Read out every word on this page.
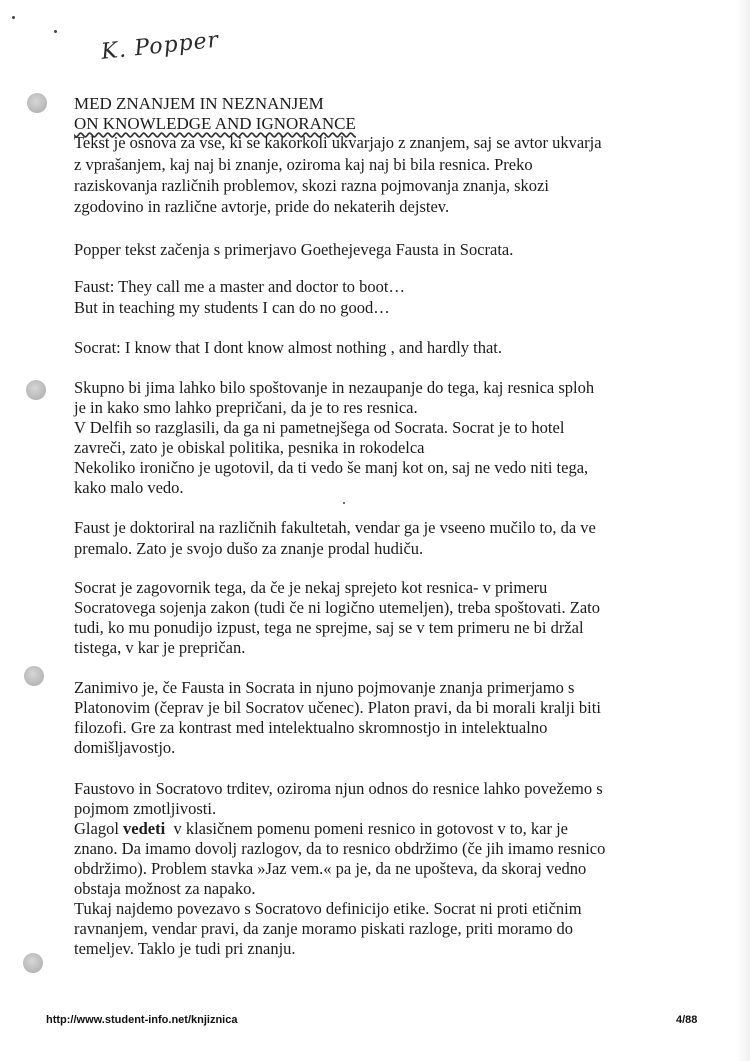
K. Popper
MED ZNANJEM IN NEZNANJEM
ON KNOWLEDGE AND IGNORANCE
Tekst je osnova za vse, ki se kakorkoli ukvarjajo z znanjem, saj se avtor ukvarja
z vprašanjem, kaj naj bi znanje, oziroma kaj naj bi bila resnica. Preko
raziskovanja različnih problemov, skozi razna pojmovanja znanja, skozi
zgodovino in različne avtorje, pride do nekaterih dejstev.
Popper tekst začenja s primerjavo Goethejevega Fausta in Socrata.
Faust: They call me a master and doctor to boot…
But in teaching my students I can do no good…
Socrat: I know that I dont know almost nothing , and hardly that.
Skupno bi jima lahko bilo spoštovanje in nezaupanje do tega, kaj resnica sploh
je in kako smo lahko prepričani, da je to res resnica.
V Delfih so razglasili, da ga ni pametnejšega od Socrata. Socrat je to hotel
zavreči, zato je obiskal politika, pesnika in rokodelca
Nekoliko ironično je ugotovil, da ti vedo še manj kot on, saj ne vedo niti tega,
kako malo vedo.
Faust je doktoriral na različnih fakultetah, vendar ga je vseeno mučilo to, da ve
premalo. Zato je svojo dušo za znanje prodal hudiču.
Socrat je zagovornik tega, da če je nekaj sprejeto kot resnica- v primeru
Socratovega sojenja zakon (tudi če ni logično utemeljen), treba spoštovati. Zato
tudi, ko mu ponudijo izpust, tega ne sprejme, saj se v tem primeru ne bi držal
tistega, v kar je prepričan.
Zanimivo je, če Fausta in Socrata in njuno pojmovanje znanja primerjamo s
Platonovim (čeprav je bil Socratov učenec). Platon pravi, da bi morali kralji biti
filozofi. Gre za kontrast med intelektualno skromnostjo in intelektualno
domišljavostjo.
Faustovo in Socratovo trditev, oziroma njun odnos do resnice lahko povežemo s
pojmom zmotljivosti.
Glagol vedeti  v klasičnem pomenu pomeni resnico in gotovost v to, kar je
znano. Da imamo dovolj razlogov, da to resnico obdržimo (če jih imamo resnico
obdržimo). Problem stavka »Jaz vem.« pa je, da ne upošteva, da skoraj vedno
obstaja možnost za napako.
Tukaj najdemo povezavo s Socratovo definicijo etike. Socrat ni proti etičnim
ravnanjem, vendar pravi, da zanje moramo piskati razloge, priti moramo do
temeljev. Taklo je tudi pri znanju.
http://www.student-info.net/knjiznica	4/88
